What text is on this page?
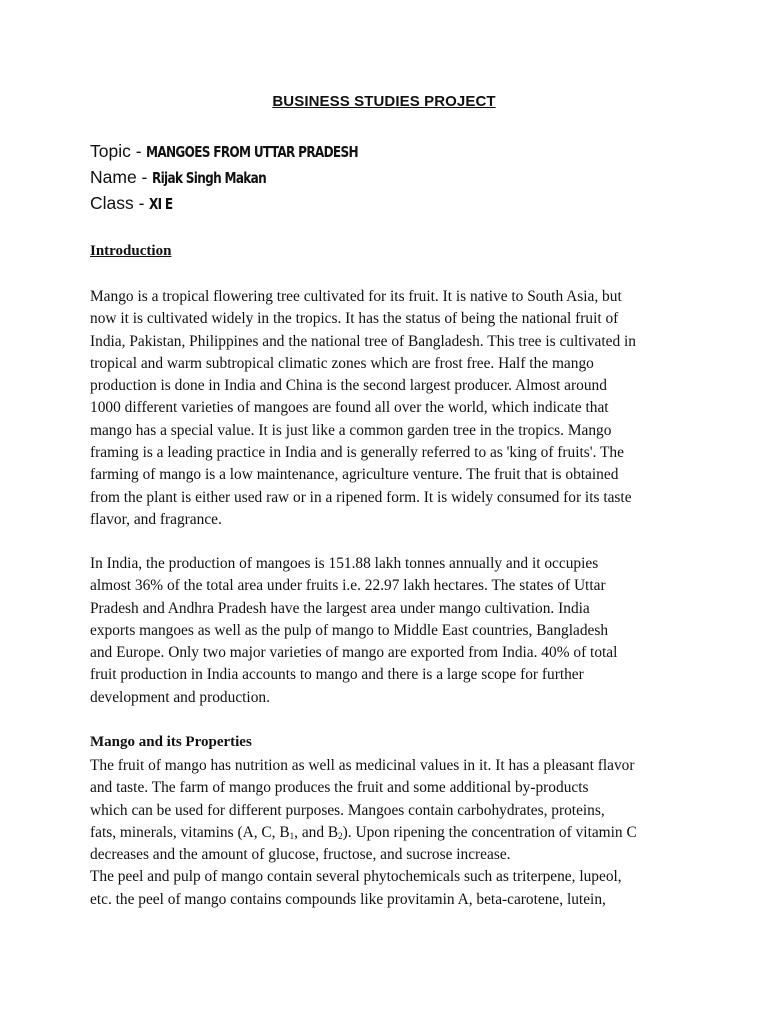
BUSINESS STUDIES PROJECT
Topic - MANGOES FROM UTTAR PRADESH
Name - Rijak Singh Makan
Class - XI E
Introduction
Mango is a tropical flowering tree cultivated for its fruit. It is native to South Asia, but
now it is cultivated widely in the tropics. It has the status of being the national fruit of
India, Pakistan, Philippines and the national tree of Bangladesh. This tree is cultivated in
tropical and warm subtropical climatic zones which are frost free. Half the mango
production is done in India and China is the second largest producer. Almost around
1000 different varieties of mangoes are found all over the world, which indicate that
mango has a special value. It is just like a common garden tree in the tropics. Mango
framing is a leading practice in India and is generally referred to as 'king of fruits'. The
farming of mango is a low maintenance, agriculture venture. The fruit that is obtained
from the plant is either used raw or in a ripened form. It is widely consumed for its taste
flavor, and fragrance.
In India, the production of mangoes is 151.88 lakh tonnes annually and it occupies
almost 36% of the total area under fruits i.e. 22.97 lakh hectares. The states of Uttar
Pradesh and Andhra Pradesh have the largest area under mango cultivation. India
exports mangoes as well as the pulp of mango to Middle East countries, Bangladesh
and Europe. Only two major varieties of mango are exported from India. 40% of total
fruit production in India accounts to mango and there is a large scope for further
development and production.
Mango and its Properties
The fruit of mango has nutrition as well as medicinal values in it. It has a pleasant flavor
and taste. The farm of mango produces the fruit and some additional by-products
which can be used for different purposes. Mangoes contain carbohydrates, proteins,
fats, minerals, vitamins (A, C, $B_1$, and $B_2$). Upon ripening the concentration of vitamin C
decreases and the amount of glucose, fructose, and sucrose increase.
The peel and pulp of mango contain several phytochemicals such as triterpene, lupeol,
etc. the peel of mango contains compounds like provitamin A, beta-carotene, lutein,
